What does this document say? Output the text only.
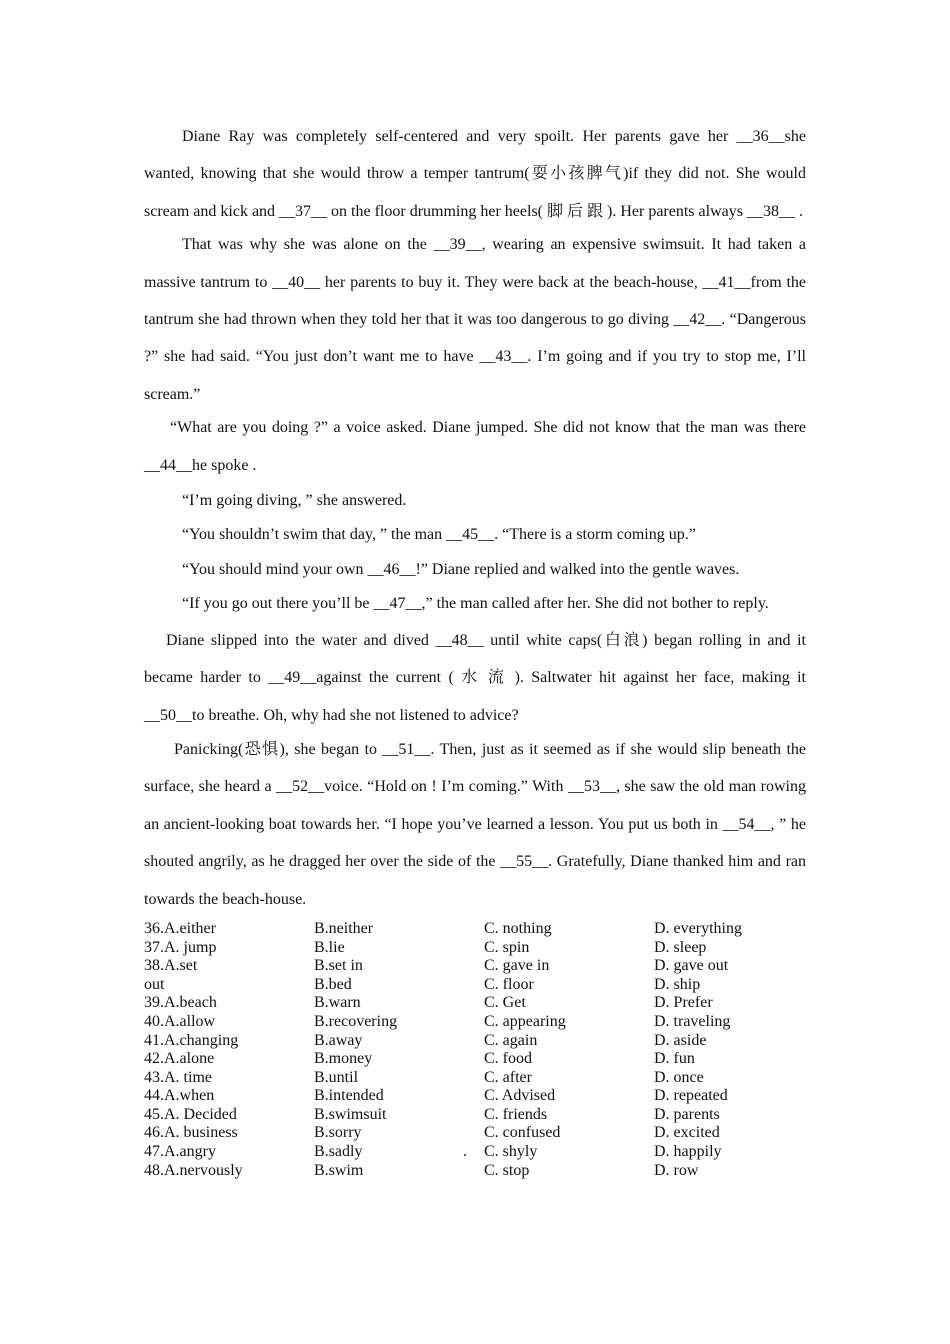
Diane Ray was completely self-centered and very spoilt. Her parents gave her __36__she wanted, knowing that she would throw a temper tantrum(耍小孩脾气)if they did not. She would scream and kick and __37__ on the floor drumming her heels( 脚 后 跟 ). Her parents always __38__ .

That was why she was alone on the __39__, wearing an expensive swimsuit. It had taken a massive tantrum to __40__ her parents to buy it. They were back at the beach-house, __41__from the tantrum she had thrown when they told her that it was too dangerous to go diving __42__. “Dangerous ?” she had said. “You just don’t want me to have __43__. I’m going and if you try to stop me, I’ll scream.”

“What are you doing ?” a voice asked. Diane jumped. She did not know that the man was there __44__he spoke .

“I’m going diving, ” she answered.

“You shouldn’t swim that day, ” the man __45__. “There is a storm coming up.”

“You should mind your own __46__!” Diane replied and walked into the gentle waves.

“If you go out there you’ll be __47__,” the man called after her. She did not bother to reply.

Diane slipped into the water and dived __48__ until white caps(白浪) began rolling in and it became harder to __49__against the current ( 水 流 ). Saltwater hit against her face, making it __50__to breathe. Oh, why had she not listened to advice?

Panicking(恐惧), she began to __51__. Then, just as it seemed as if she would slip beneath the surface, she heard a __52__voice. “Hold on ! I’m coming.” With __53__, she saw the old man rowing an ancient-looking boat towards her. “I hope you’ve learned a lesson. You put us both in __54__, ” he shouted angrily, as he dragged her over the side of the __55__. Gratefully, Diane thanked him and ran towards the beach-house.

36.A.either	B.neither	C. nothing	D. everything
37.A. jump	B.lie	C. spin	D. sleep
38.A.set	B.set in	C. gave in	D. gave out
out	B.bed	C. floor	D. ship
39.A.beach	B.warn	C. Get	D. Prefer
40.A.allow	B.recovering	C. appearing	D. traveling
41.A.changing	B.away	C. again	D. aside
42.A.alone	B.money	C. food	D. fun
43.A. time	B.until	C. after	D. once
44.A.when	B.intended	C. Advised	D. repeated
45.A. Decided	B.swimsuit	C. friends	D. parents
46.A. business	B.sorry	C. confused	D. excited
47.A.angry	B.sadly	. C. shyly	D. happily
48.A.nervously	B.swim	C. stop	D. row
